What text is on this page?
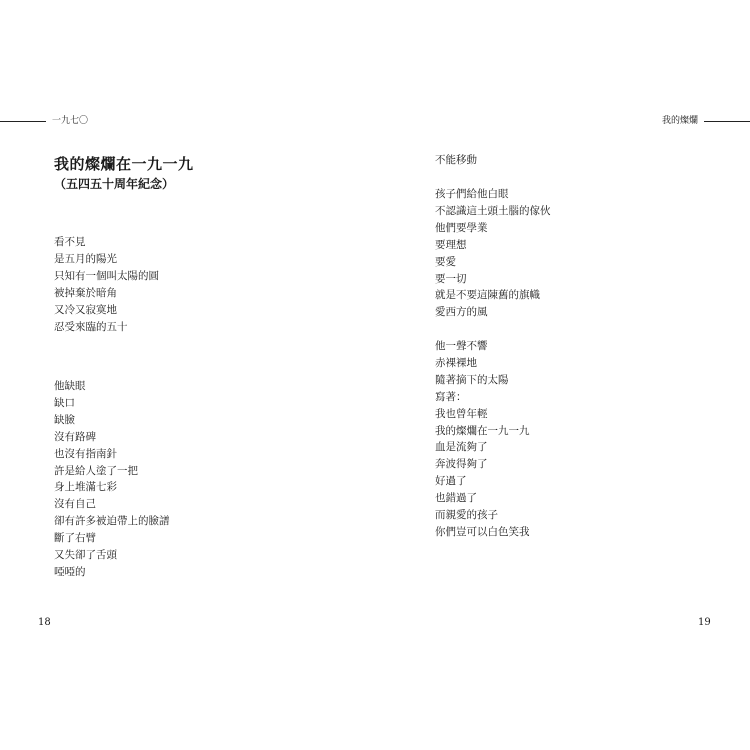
一九七〇
我的燦爛在一九一九
（五四五十周年紀念）
看不見
是五月的陽光
只知有一個叫太陽的圓
被掉棄於暗角
又冷又寂寞地
忍受來臨的五十
他缺眼
缺口
缺臉
沒有路碑
也沒有指南針
許是給人塗了一把
身上堆滿七彩
沒有自己
卻有許多被迫帶上的臉譜
斷了右臂
又失卻了舌頭
啞啞的
18
我的燦爛
不能移動
孩子們給他白眼
不認識這土頭土腦的傢伙
他們要學業
要理想
要愛
要一切
就是不要這陳舊的旗幟
愛西方的風
他一聲不響
赤裸裸地
隨著摘下的太陽
寫著：
我也曾年輕
我的燦爛在一九一九
血是流夠了
奔波得夠了
好過了
也錯過了
而親愛的孩子
你們豈可以白色笑我
19
